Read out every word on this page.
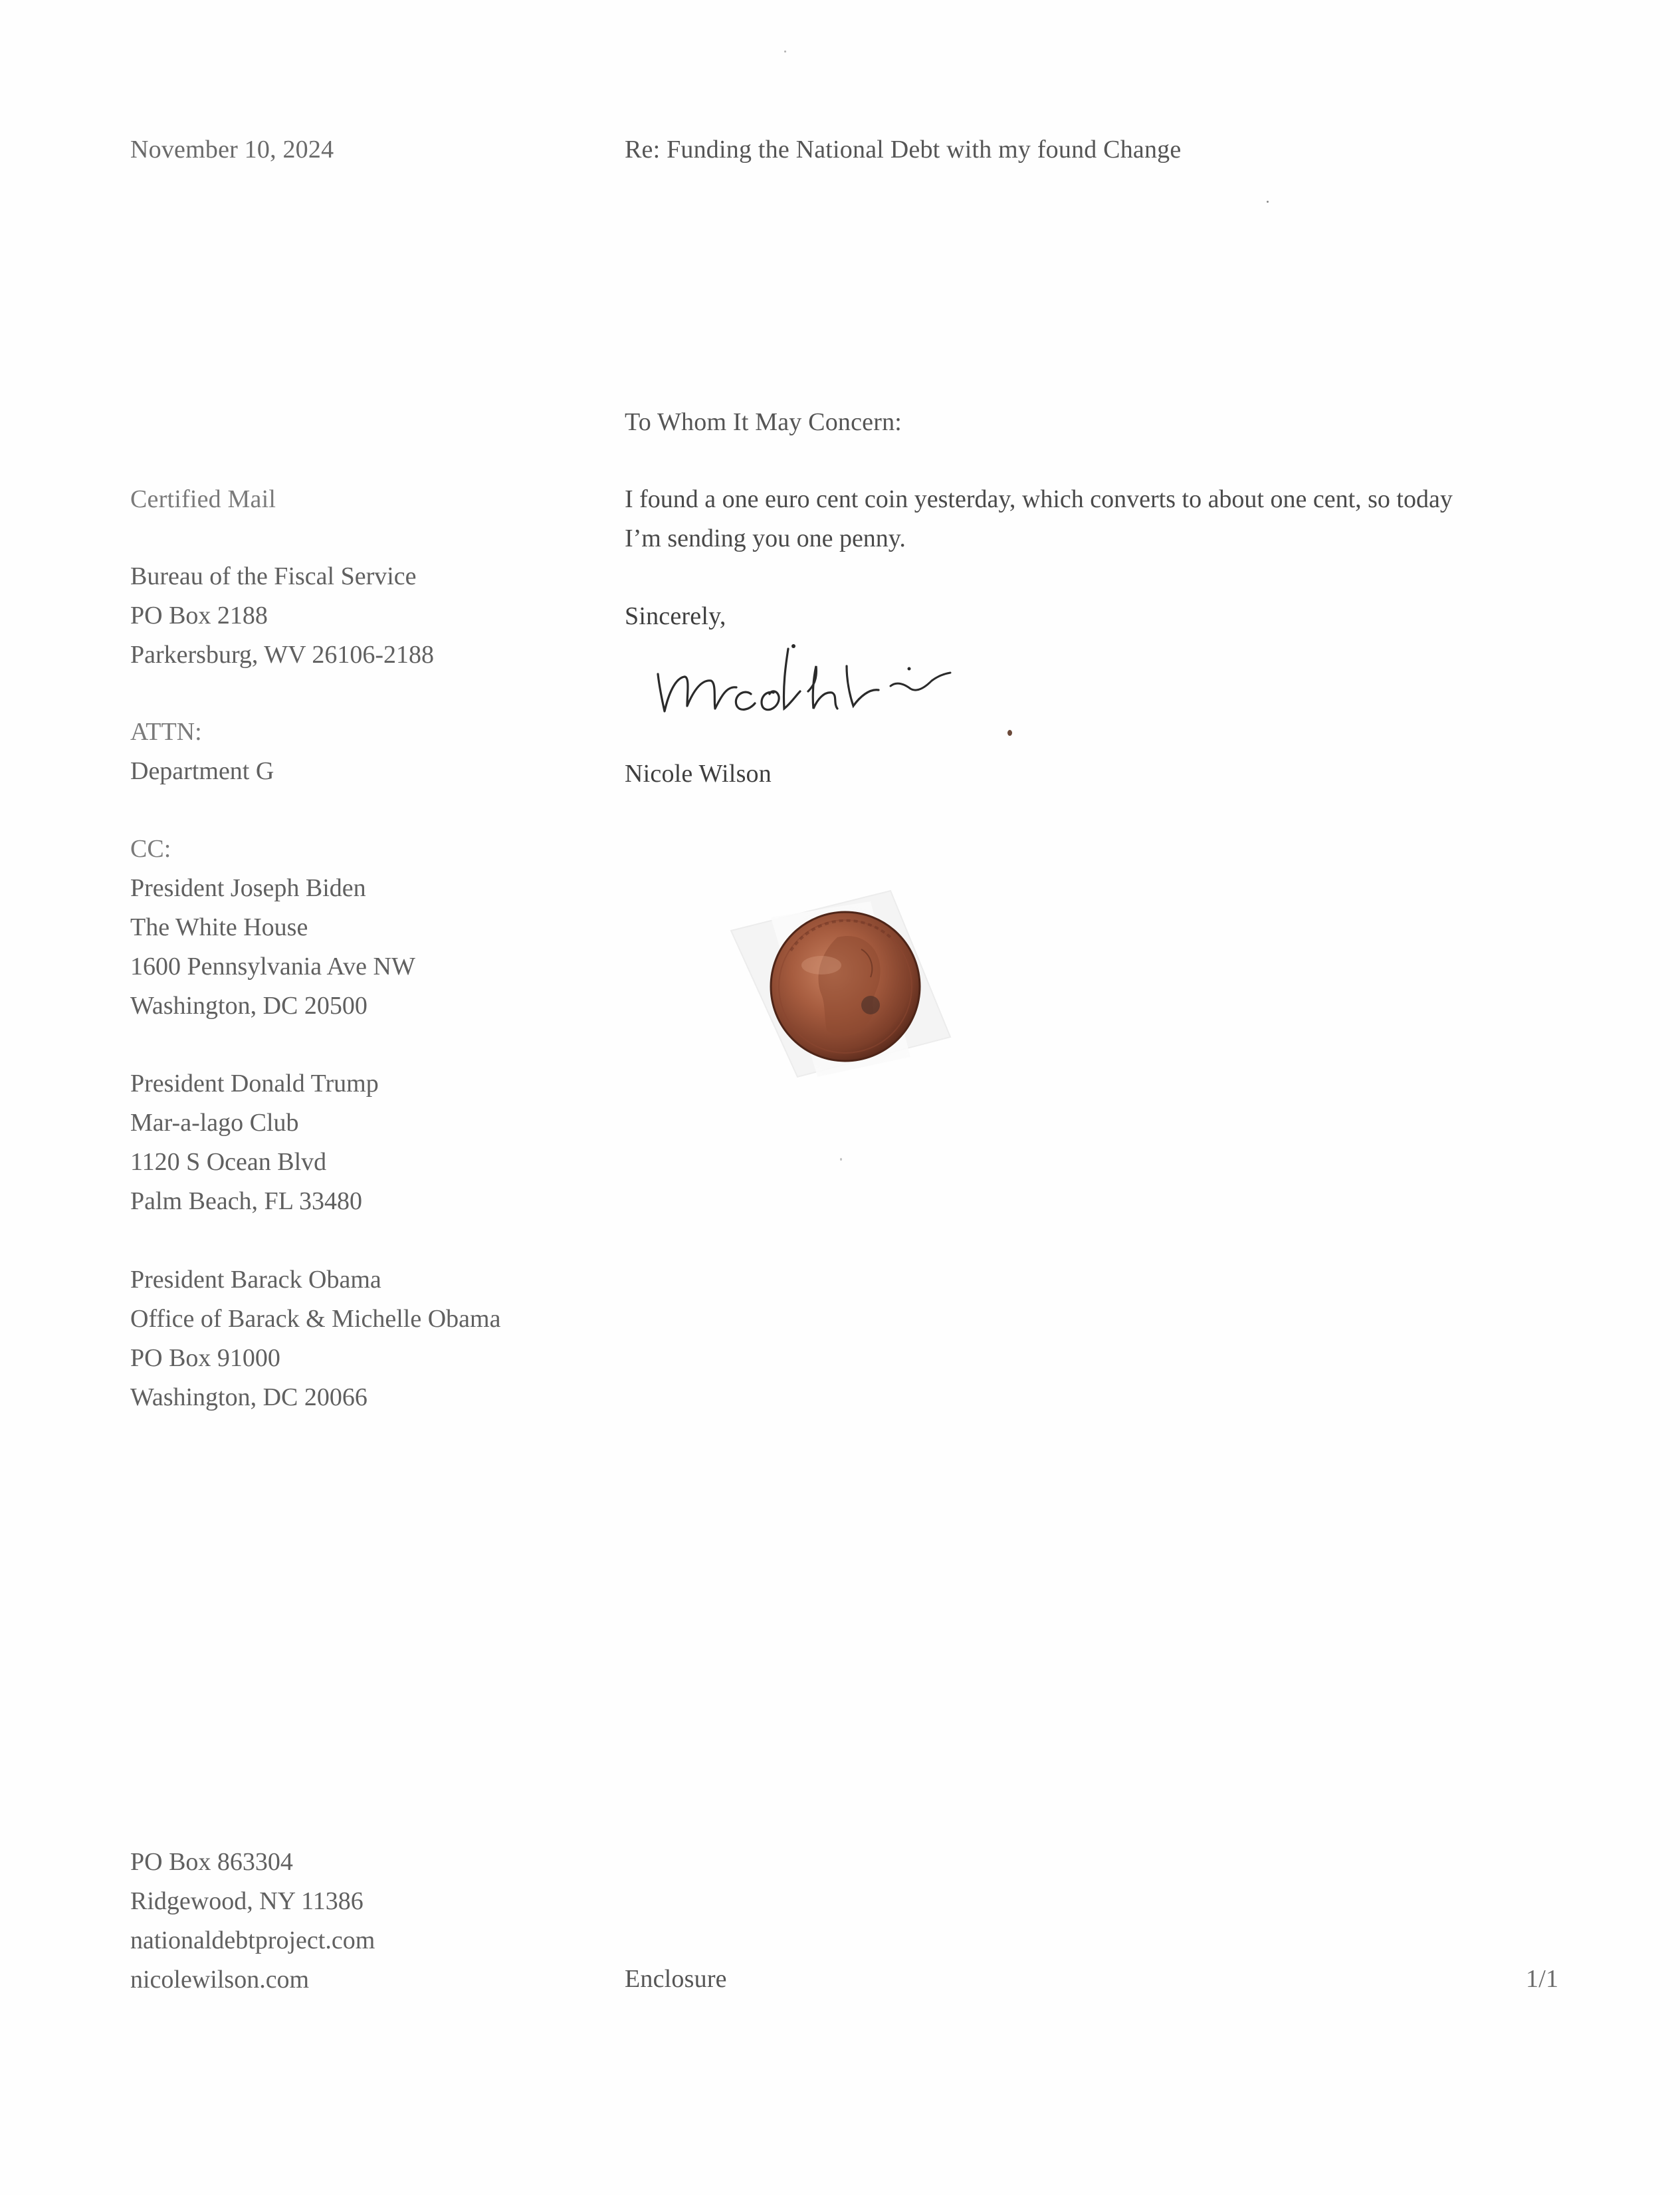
November 10, 2024	Re: Funding the National Debt with my found Change
Certified Mail
Bureau of the Fiscal Service
PO Box 2188
Parkersburg, WV 26106-2188
ATTN:
Department G
CC:
President Joseph Biden
The White House
1600 Pennsylvania Ave NW
Washington, DC 20500
President Donald Trump
Mar-a-lago Club
1120 S Ocean Blvd
Palm Beach, FL 33480
President Barack Obama
Office of Barack & Michelle Obama
PO Box 91000
Washington, DC 20066
To Whom It May Concern:
I found a one euro cent coin yesterday, which converts to about one cent, so today
I’m sending you one penny.
Sincerely,
Nicole Wilson
PO Box 863304
Ridgewood, NY 11386
nationaldebtproject.com
nicolewilson.com	Enclosure	1/1
